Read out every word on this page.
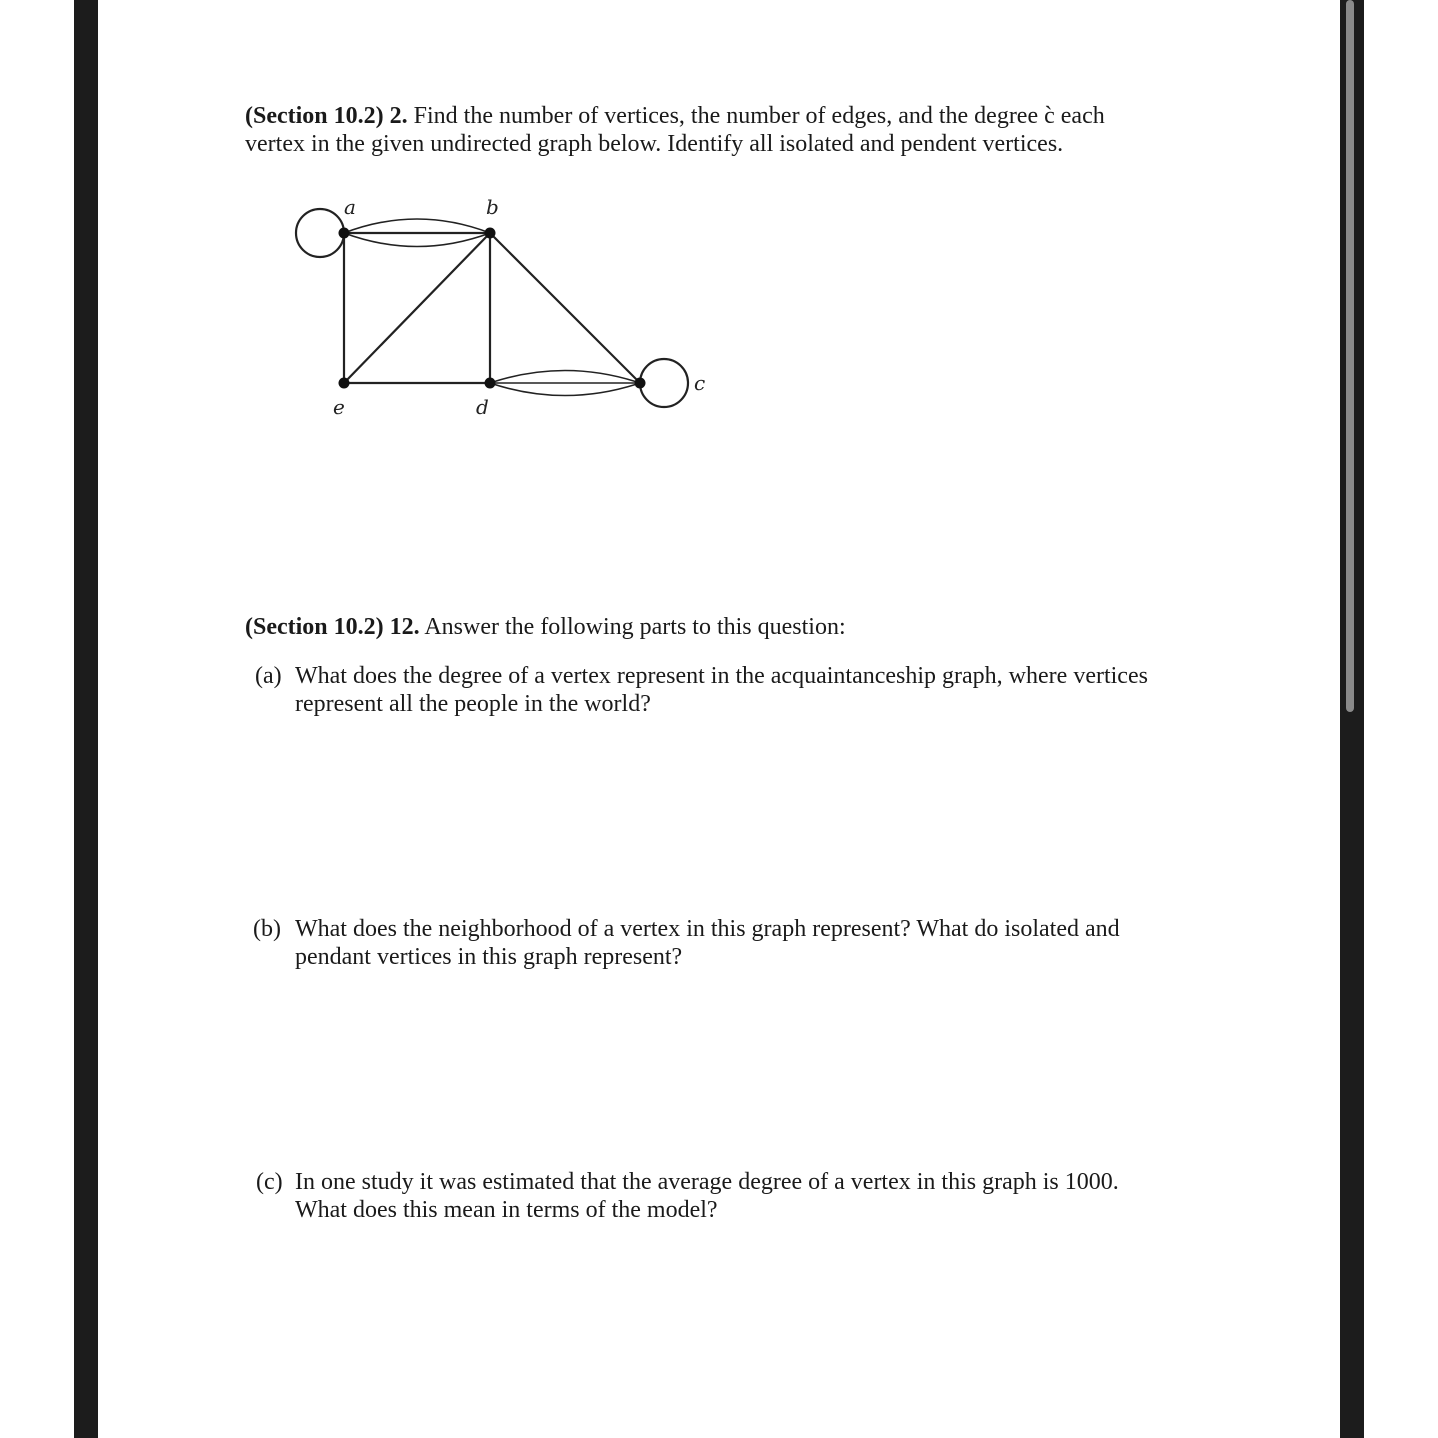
(Section 10.2) 2. Find the number of vertices, the number of edges, and the degree c̀ each
vertex in the given undirected graph below. Identify all isolated and pendent vertices.
a	b
c
d
e
(Section 10.2) 12. Answer the following parts to this question:
(a) What does the degree of a vertex represent in the acquaintanceship graph, where vertices
represent all the people in the world?
(b) What does the neighborhood of a vertex in this graph represent? What do isolated and
pendant vertices in this graph represent?
(c) In one study it was estimated that the average degree of a vertex in this graph is 1000.
What does this mean in terms of the model?
